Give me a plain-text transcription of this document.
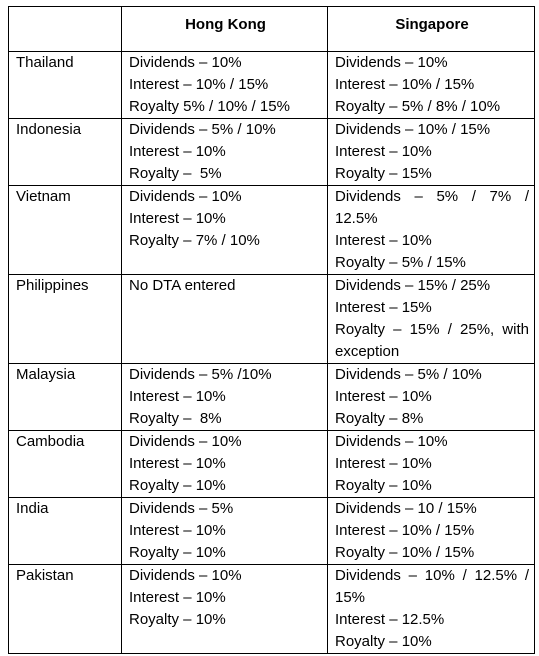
	Hong Kong	Singapore

Thailand	Dividends – 10%
Interest – 10% / 15%
Royalty 5% / 10% / 15%	Dividends – 10%
Interest – 10% / 15%
Royalty – 5% / 8% / 10%

Indonesia	Dividends – 5% / 10%
Interest – 10%
Royalty –  5%	Dividends – 10% / 15%
Interest – 10%
Royalty – 15%

Vietnam	Dividends – 10%
Interest – 10%
Royalty – 7% / 10%	Dividends – 5% / 7% / 12.5%
Interest – 10%
Royalty – 5% / 15%

Philippines	No DTA entered	Dividends – 15% / 25%
Interest – 15%
Royalty – 15% / 25%, with exception

Malaysia	Dividends – 5% /10%
Interest – 10%
Royalty –  8%	Dividends – 5% / 10%
Interest – 10%
Royalty – 8%

Cambodia	Dividends – 10%
Interest – 10%
Royalty – 10%	Dividends – 10%
Interest – 10%
Royalty – 10%

India	Dividends – 5%
Interest – 10%
Royalty – 10%	Dividends – 10 / 15%
Interest – 10% / 15%
Royalty – 10% / 15%

Pakistan	Dividends – 10%
Interest – 10%
Royalty – 10%	Dividends – 10% / 12.5% / 15%
Interest – 12.5%
Royalty – 10%
